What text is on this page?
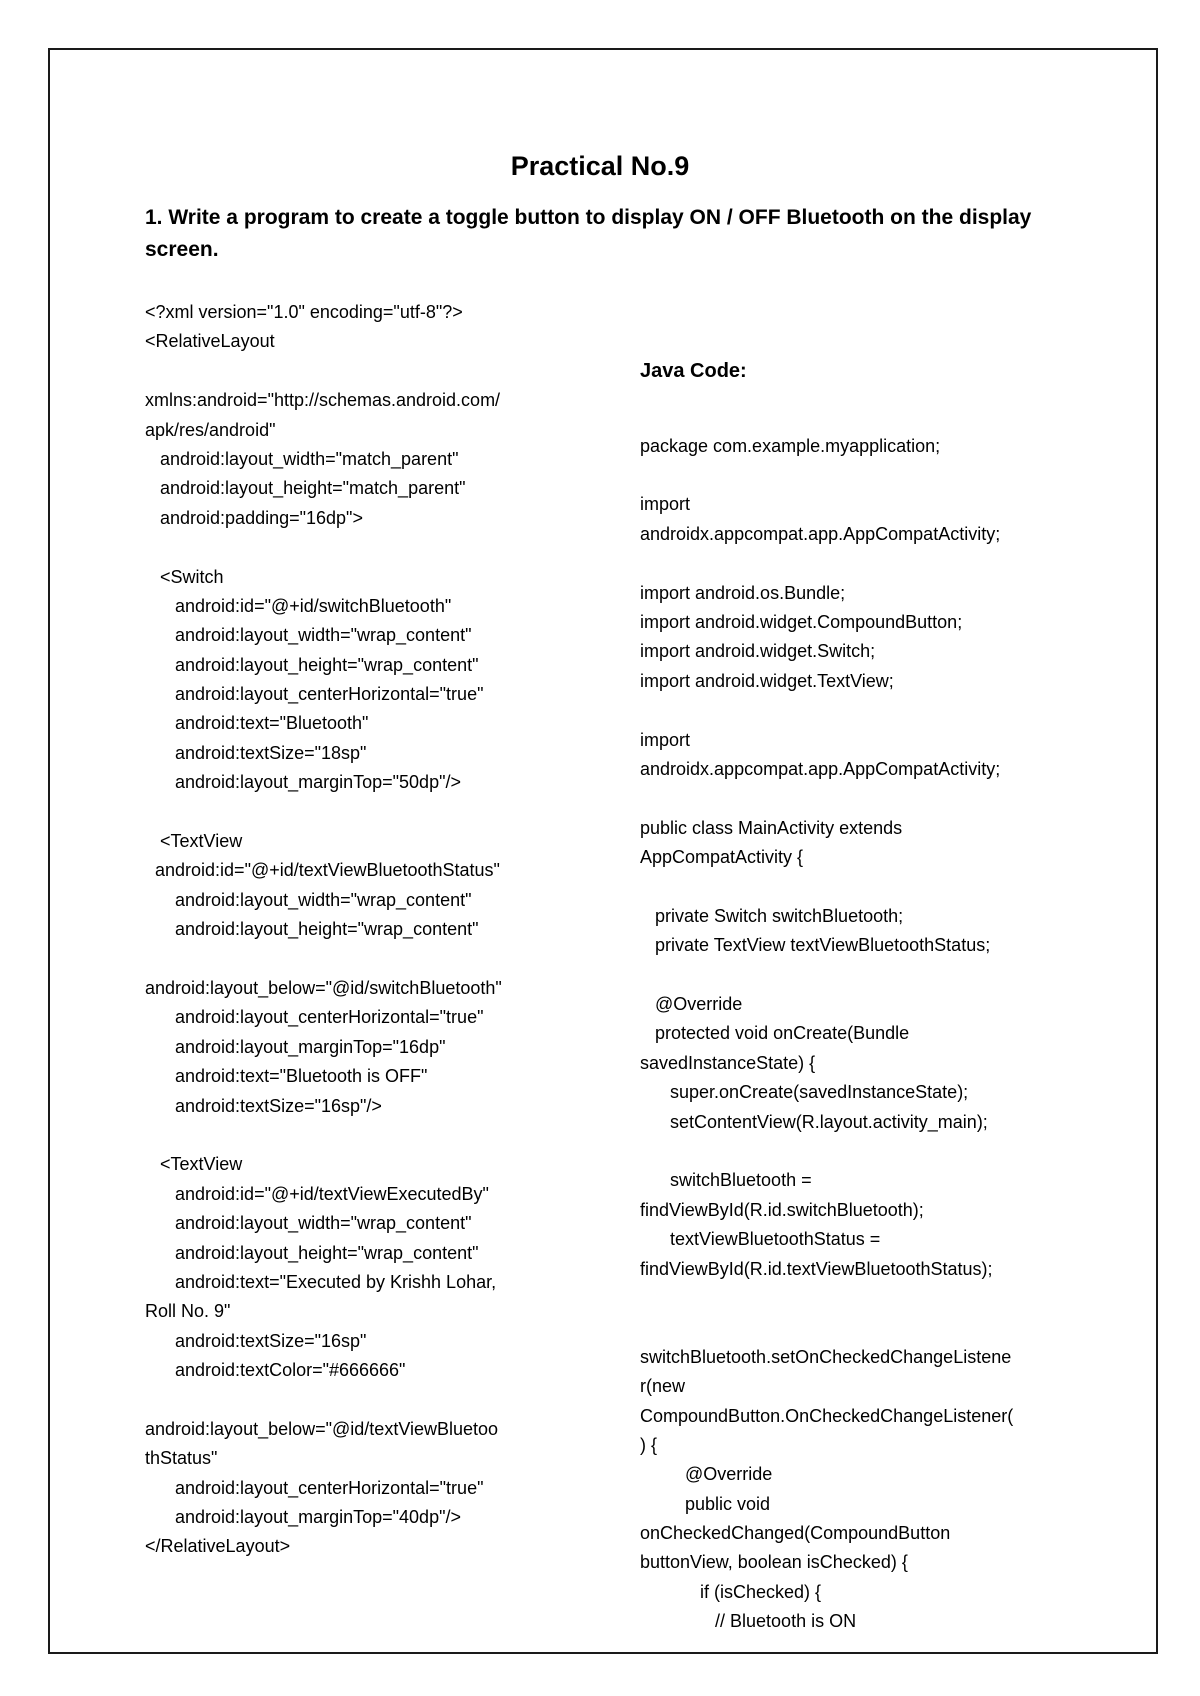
Practical No.9
1. Write a program to create a toggle button to display ON / OFF Bluetooth on the display screen.
<?xml version="1.0" encoding="utf-8"?>
<RelativeLayout
xmlns:android="http://schemas.android.com/
apk/res/android"
android:layout_width="match_parent"
android:layout_height="match_parent"
android:padding="16dp">
<Switch
android:id="@+id/switchBluetooth"
android:layout_width="wrap_content"
android:layout_height="wrap_content"
android:layout_centerHorizontal="true"
android:text="Bluetooth"
android:textSize="18sp"
android:layout_marginTop="50dp"/>
<TextView
android:id="@+id/textViewBluetoothStatus"
android:layout_width="wrap_content"
android:layout_height="wrap_content"
android:layout_below="@id/switchBluetooth"
android:layout_centerHorizontal="true"
android:layout_marginTop="16dp"
android:text="Bluetooth is OFF"
android:textSize="16sp"/>
<TextView
android:id="@+id/textViewExecutedBy"
android:layout_width="wrap_content"
android:layout_height="wrap_content"
android:text="Executed by Krishh Lohar,
Roll No. 9"
android:textSize="16sp"
android:textColor="#666666"
android:layout_below="@id/textViewBluetoo
thStatus"
android:layout_centerHorizontal="true"
android:layout_marginTop="40dp"/>
</RelativeLayout>

Java Code:

package com.example.myapplication;
import
androidx.appcompat.app.AppCompatActivity;
import android.os.Bundle;
import android.widget.CompoundButton;
import android.widget.Switch;
import android.widget.TextView;
import
androidx.appcompat.app.AppCompatActivity;
public class MainActivity extends
AppCompatActivity {
private Switch switchBluetooth;
private TextView textViewBluetoothStatus;
@Override
protected void onCreate(Bundle
savedInstanceState) {
super.onCreate(savedInstanceState);
setContentView(R.layout.activity_main);
switchBluetooth =
findViewById(R.id.switchBluetooth);
textViewBluetoothStatus =
findViewById(R.id.textViewBluetoothStatus);
switchBluetooth.setOnCheckedChangeListene
r(new
CompoundButton.OnCheckedChangeListener(
) {
@Override
public void
onCheckedChanged(CompoundButton
buttonView, boolean isChecked) {
if (isChecked) {
// Bluetooth is ON
